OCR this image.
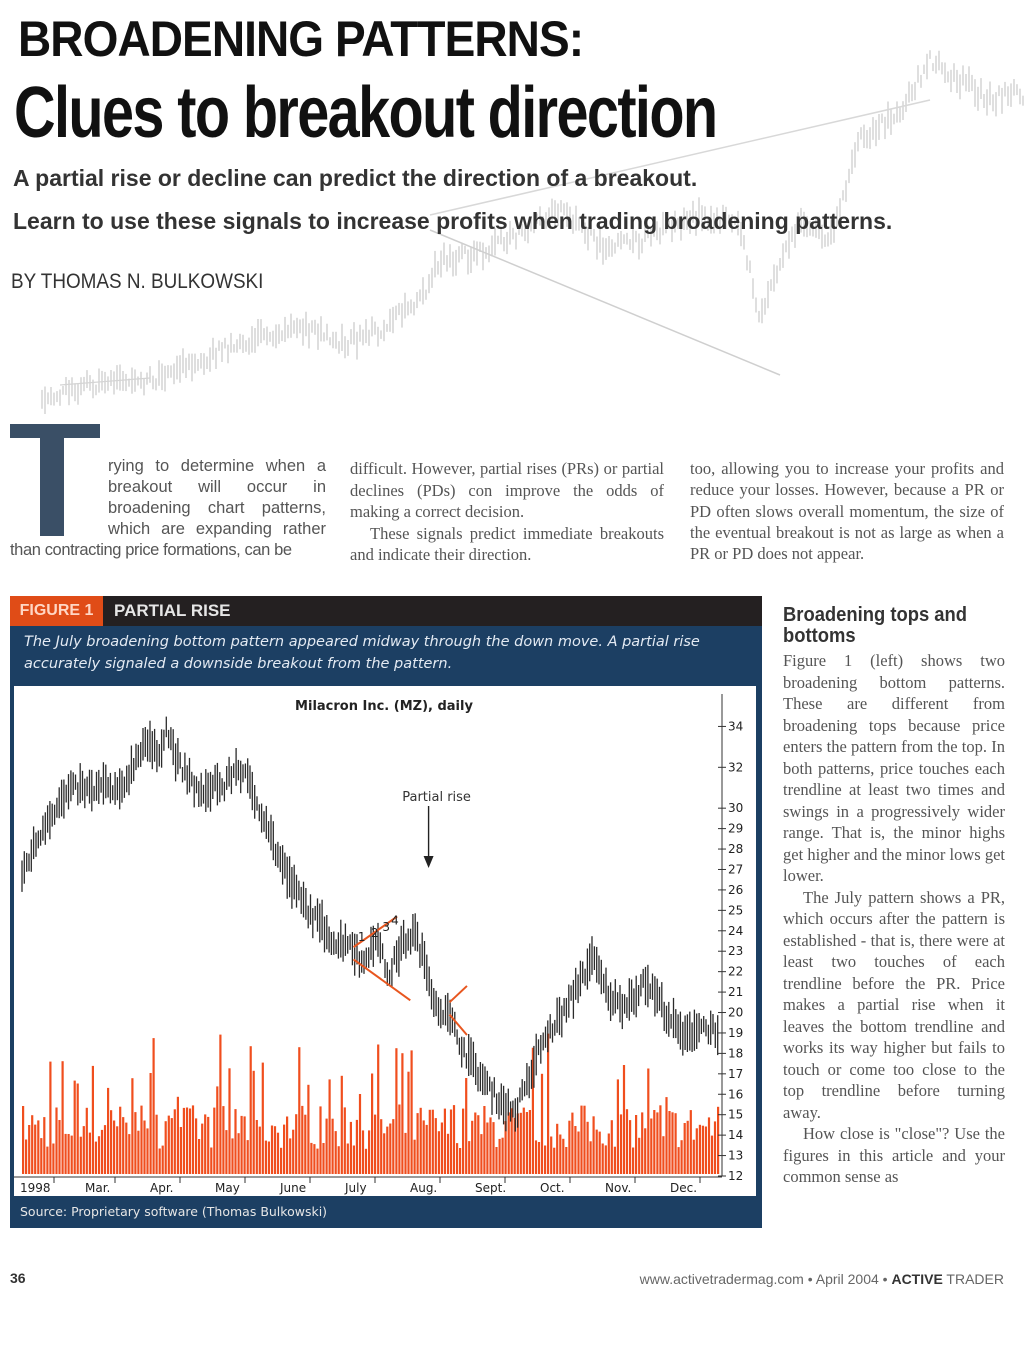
BROADENING PATTERNS:
Clues to breakout direction
A partial rise or decline can predict the direction of a breakout.
Learn to use these signals to increase profits when trading broadening patterns.
BY THOMAS N. BULKOWSKI

rying to determine when a

breakout will occur in

broadening chart patterns,

which are expanding rather

than contracting price formations, can be

difficult. However, partial rises (PRs) or partial declines (PDs) con improve the odds of making a correct decision.

These signals predict immediate breakouts and indicate their direction.

too, allowing you to increase your profits and reduce your losses. However, because a PR or PD often slows overall momentum, the size of the eventual breakout is not as large as when a PR or PD does not appear.

Broadening tops and bottoms

Figure 1 (left) shows two broadening bottom patterns. These are different from broadening tops because price enters the pattern from the top. In both patterns, price touches each trendline at least two times and swings in a progressively wider range. That is, the minor highs get higher and the minor lows get lower.

The July pattern shows a PR, which occurs after the pattern is established - that is, there were at least two touches of each trendline before the PR. Price makes a partial rise when it leaves the bottom trendline and works its way higher but fails to touch or come too close to the top trendline before turning away.

How close is "close"? Use the figures in this article and your common sense as

FIGURE 1	PARTIAL RISE
The July broadening bottom pattern appeared midway through the down move. A partial rise accurately signaled a downside breakout from the pattern.
Milacron Inc. (MZ), daily
Partial rise
1 2 3 4
12
13
14
15
16
17
18
19
20
21
22
23
24
25
26
27
28
29
30
32
34
1998	Mar.	Apr.	May	June	July	Aug.	Sept.	Oct.	Nov.	Dec.
Source: Proprietary software (Thomas Bulkowski)
36	www.activetradermag.com • April 2004 • ACTIVE TRADER
